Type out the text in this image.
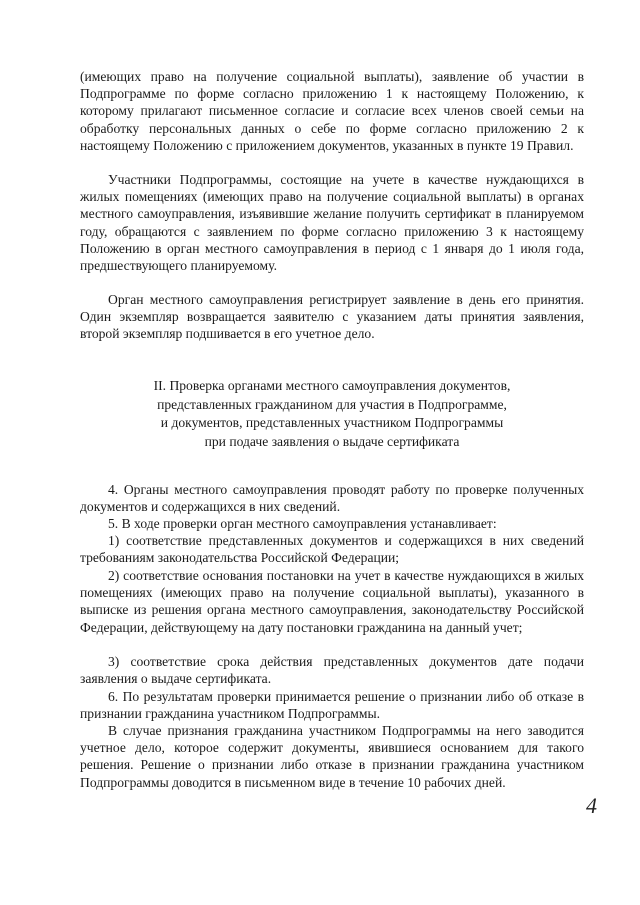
(имеющих право на получение социальной выплаты), заявление об участии в Подпрограмме по форме согласно приложению 1 к настоящему Положению, к которому прилагают письменное согласие и согласие всех членов своей семьи на обработку персональных данных о себе по форме согласно приложению 2 к настоящему Положению с приложением документов, указанных в пункте 19 Правил.

Участники Подпрограммы, состоящие на учете в качестве нуждающихся в жилых помещениях (имеющих право на получение социальной выплаты) в органах местного самоуправления, изъявившие желание получить сертификат в планируемом году, обращаются с заявлением по форме согласно приложению 3 к настоящему Положению в орган местного самоуправления в период с 1 января до 1 июля года, предшествующего планируемому.

Орган местного самоуправления регистрирует заявление в день его принятия. Один экземпляр возвращается заявителю с указанием даты принятия заявления, второй экземпляр подшивается в его учетное дело.

II. Проверка органами местного самоуправления документов,
представленных гражданином для участия в Подпрограмме,
и документов, представленных участником Подпрограммы
при подаче заявления о выдаче сертификата

4. Органы местного самоуправления проводят работу по проверке полученных документов и содержащихся в них сведений.

5. В ходе проверки орган местного самоуправления устанавливает:

1) соответствие представленных документов и содержащихся в них сведений требованиям законодательства Российской Федерации;

2) соответствие основания постановки на учет в качестве нуждающихся в жилых помещениях (имеющих право на получение социальной выплаты), указанного в выписке из решения органа местного самоуправления, законодательству Российской Федерации, действующему на дату постановки гражданина на данный учет;

3) соответствие срока действия представленных документов дате подачи заявления о выдаче сертификата.

6. По результатам проверки принимается решение о признании либо об отказе в признании гражданина участником Подпрограммы.

В случае признания гражданина участником Подпрограммы на него заводится учетное дело, которое содержит документы, явившиеся основанием для такого решения. Решение о признании либо отказе в признании гражданина участником Подпрограммы доводится в письменном виде в течение 10 рабочих дней.

4
